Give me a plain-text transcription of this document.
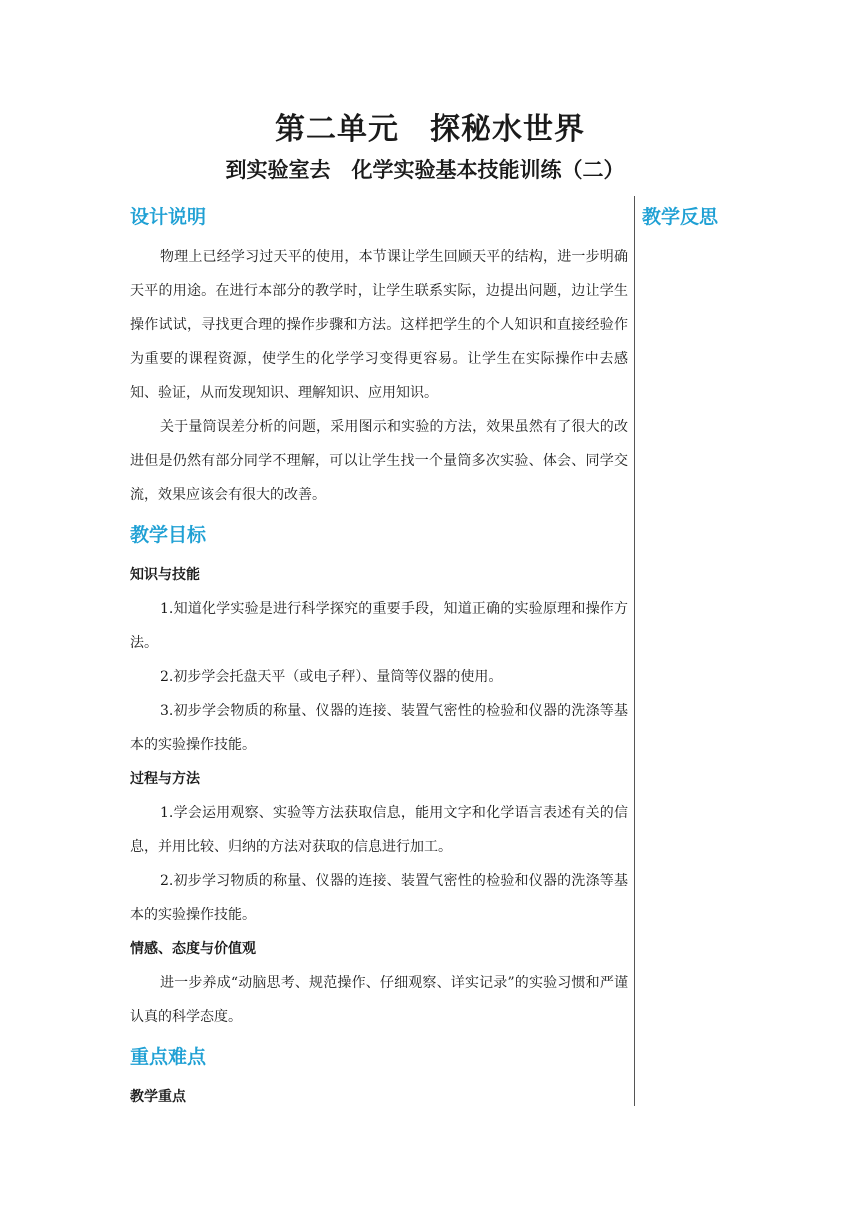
第二单元　探秘水世界
到实验室去　化学实验基本技能训练（二）
设计说明

物理上已经学习过天平的使用，本节课让学生回顾天平的结构，进一步明确天平的用途。在进行本部分的教学时，让学生联系实际，边提出问题，边让学生操作试试，寻找更合理的操作步骤和方法。这样把学生的个人知识和直接经验作为重要的课程资源，使学生的化学学习变得更容易。让学生在实际操作中去感知、验证，从而发现知识、理解知识、应用知识。

关于量筒误差分析的问题，采用图示和实验的方法，效果虽然有了很大的改进但是仍然有部分同学不理解，可以让学生找一个量筒多次实验、体会、同学交流，效果应该会有很大的改善。

教学目标
知识与技能

1.知道化学实验是进行科学探究的重要手段，知道正确的实验原理和操作方法。

2.初步学会托盘天平（或电子秤）、量筒等仪器的使用。

3.初步学会物质的称量、仪器的连接、装置气密性的检验和仪器的洗涤等基本的实验操作技能。

过程与方法

1.学会运用观察、实验等方法获取信息，能用文字和化学语言表述有关的信息，并用比较、归纳的方法对获取的信息进行加工。

2.初步学习物质的称量、仪器的连接、装置气密性的检验和仪器的洗涤等基本的实验操作技能。

情感、态度与价值观

进一步养成“动脑思考、规范操作、仔细观察、详实记录”的实验习惯和严谨认真的科学态度。

重点难点
教学重点
教学反思
